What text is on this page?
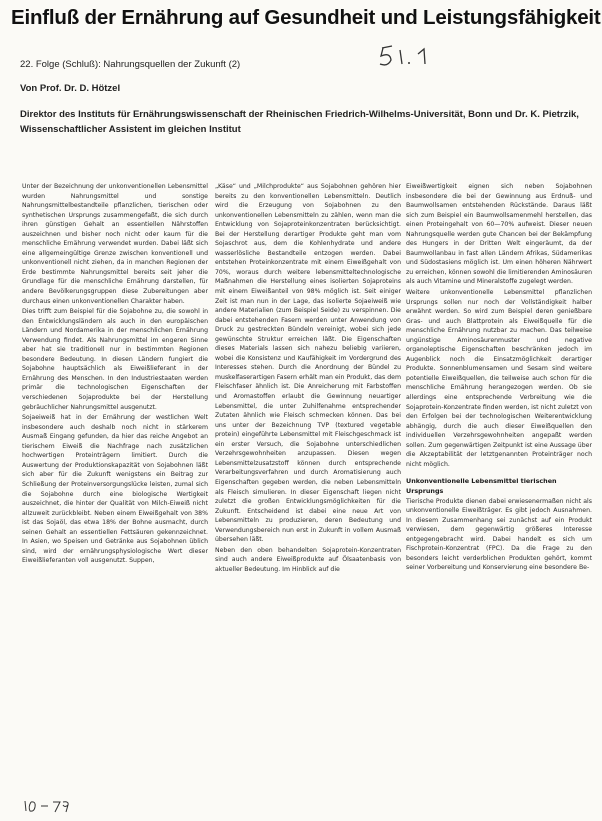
Einfluß der Ernährung auf Gesundheit und Leistungsfähigkeit
22. Folge (Schluß): Nahrungsquellen der Zukunft (2)
Von Prof. Dr. D. Hötzel
Direktor des Instituts für Ernährungswissenschaft der Rheinischen Friedrich-Wilhelms-Universität, Bonn und Dr. K. Pietrzik, Wissenschaftlicher Assistent im gleichen Institut

Unter der Bezeichnung der unkonventionellen Lebensmittel wurden Nahrungsmittel und sonstige Nahrungsmittelbestandteile pflanzlichen, tierischen oder synthetischen Ursprungs zusammengefaßt, die sich durch ihren günstigen Gehalt an essentiellen Nährstoffen auszeichnen und bisher noch nicht oder kaum für die menschliche Ernährung verwendet wurden. Dabei läßt sich eine allgemeingültige Grenze zwischen konventionell und unkonventionell nicht ziehen, da in manchen Regionen der Erde bestimmte Nahrungsmittel bereits seit jeher die Grundlage für die menschliche Ernährung darstellen, für andere Bevölkerungsgruppen diese Zubereitungen aber durchaus einen unkonventionellen Charakter haben.

Dies trifft zum Beispiel für die Sojabohne zu, die sowohl in den Entwicklungsländern als auch in den europäischen Ländern und Nordamerika in der menschlichen Ernährung Verwendung findet. Als Nahrungsmittel im engeren Sinne aber hat sie traditionell nur in bestimmten Regionen besondere Bedeutung. In diesen Ländern fungiert die Sojabohne hauptsächlich als Eiweißlieferant in der Ernährung des Menschen. In den Industriestaaten werden primär die technologischen Eigenschaften der verschiedenen Sojaprodukte bei der Herstellung gebräuchlicher Nahrungsmittel ausgenutzt.

Sojaeiweiß hat in der Ernährung der westlichen Welt insbesondere auch deshalb noch nicht in stärkerem Ausmaß Eingang gefunden, da hier das reiche Angebot an tierischem Eiweiß die Nachfrage nach zusätzlichen hochwertigen Proteinträgern limitiert. Durch die Auswertung der Produktionskapazität von Sojabohnen läßt sich aber für die Zukunft wenigstens ein Beitrag zur Schließung der Proteinversorgungslücke leisten, zumal sich die Sojabohne durch eine biologische Wertigkeit auszeichnet, die hinter der Qualität von Milch-Eiweiß nicht allzuweit zurückbleibt. Neben einem Eiweißgehalt von 38% ist das Sojaöl, das etwa 18% der Bohne ausmacht, durch seinen Gehalt an essentiellen Fettsäuren gekennzeichnet. In Asien, wo Speisen und Getränke aus Sojabohnen üblich sind, wird der ernährungsphysiologische Wert dieser Eiweißlieferanten voll ausgenutzt. Suppen,

„Käse“ und „Milchprodukte“ aus Sojabohnen gehören hier bereits zu den konventionellen Lebensmitteln. Deutlich wird die Erzeugung von Sojabohnen zu den unkonventionellen Lebensmitteln zu zählen, wenn man die Entwicklung von Sojaproteinkonzentraten berücksichtigt. Bei der Herstellung derartiger Produkte geht man vom Sojaschrot aus, dem die Kohlenhydrate und andere wasserlösliche Bestandteile entzogen werden. Dabei entstehen Proteinkonzentrate mit einem Eiweißgehalt von 70%, woraus durch weitere lebensmitteltechnologische Maßnahmen die Herstellung eines isolierten Sojaproteins mit einem Eiweißanteil von 98% möglich ist. Seit einiger Zeit ist man nun in der Lage, das isolierte Sojaeiweiß wie andere Materialien (zum Beispiel Seide) zu verspinnen. Die dabei entstehenden Fasern werden unter Anwendung von Druck zu gestreckten Bündeln vereinigt, wobei sich jede gewünschte Struktur erreichen läßt. Die Eigenschaften dieses Materials lassen sich nahezu beliebig variieren, wobei die Konsistenz und Kaufähigkeit im Vordergrund des Interesses stehen. Durch die Anordnung der Bündel zu muskelfaserartigen Fasern erhält man ein Produkt, das dem Fleischfaser ähnlich ist. Die Anreicherung mit Farbstoffen und Aromastoffen erlaubt die Gewinnung neuartiger Lebensmittel, die unter Zuhilfenahme entsprechender Zutaten ähnlich wie Fleisch schmecken können. Das bei uns unter der Bezeichnung TVP (textured vegetable protein) eingeführte Lebensmittel mit Fleischgeschmack ist ein erster Versuch, die Sojabohne unterschiedlichen Verzehrsgewohnheiten anzupassen. Diesen wegen Lebensmittelzusatzstoff können durch entsprechende Verarbeitungsverfahren und durch Aromatisierung auch Eigenschaften gegeben werden, die neben Lebensmitteln als Fleisch simulieren. In dieser Eigenschaft liegen nicht zuletzt die großen Entwicklungsmöglichkeiten für die Zukunft. Entscheidend ist dabei eine neue Art von Lebensmitteln zu produzieren, deren Bedeutung und Verwendungsbereich nun erst in Zukunft in vollem Ausmaß übersehen läßt.

Neben den oben behandelten Sojaprotein-Konzentraten sind auch andere Eiweißprodukte auf Ölsaatenbasis von aktueller Bedeutung. Im Hinblick auf die

Eiweißwertigkeit eignen sich neben Sojabohnen insbesondere die bei der Gewinnung aus Erdnuß- und Baumwollsamen entstehenden Rückstände. Daraus läßt sich zum Beispiel ein Baumwollsamenmehl herstellen, das einen Proteingehalt von 60—70% aufweist. Dieser neuen Nahrungsquelle werden gute Chancen bei der Bekämpfung des Hungers in der Dritten Welt eingeräumt, da der Baumwollanbau in fast allen Ländern Afrikas, Südamerikas und Südostasiens möglich ist. Um einen höheren Nährwert zu erreichen, können sowohl die limitierenden Aminosäuren als auch Vitamine und Mineralstoffe zugelegt werden.

Weitere unkonventionelle Lebensmittel pflanzlichen Ursprungs sollen nur noch der Vollständigkeit halber erwähnt werden. So wird zum Beispiel deren genießbare Gras- und auch Blattprotein als Eiweißquelle für die menschliche Ernährung nutzbar zu machen. Das teilweise ungünstige Aminosäurenmuster und negative organoleptische Eigenschaften beschränken jedoch im Augenblick noch die Einsatzmöglichkeit derartiger Produkte. Sonnenblumensamen und Sesam sind weitere potentielle Eiweißquellen, die teilweise auch schon für die menschliche Ernährung herangezogen werden. Ob sie allerdings eine entsprechende Verbreitung wie die Sojaprotein-Konzentrate finden werden, ist nicht zuletzt von den Erfolgen bei der technologischen Weiterentwicklung abhängig, durch die auch dieser Eiweißquellen den individuellen Verzehrsgewohnheiten angepaßt werden sollen. Zum gegenwärtigen Zeitpunkt ist eine Aussage über die Akzeptabilität der letztgenannten Proteinträger noch nicht möglich.

Unkonventionelle Lebensmittel tierischen Ursprungs

Tierische Produkte dienen dabei erwiesenermaßen nicht als unkonventionelle Eiweißträger. Es gibt jedoch Ausnahmen. In diesem Zusammenhang sei zunächst auf ein Produkt verwiesen, dem gegenwärtig größeres Interesse entgegengebracht wird. Dabei handelt es sich um Fischprotein-Konzentrat (FPC). Da die Frage zu den besonders leicht verderblichen Produkten gehört, kommt seiner Vorbereitung und Konservierung eine besondere Be-
